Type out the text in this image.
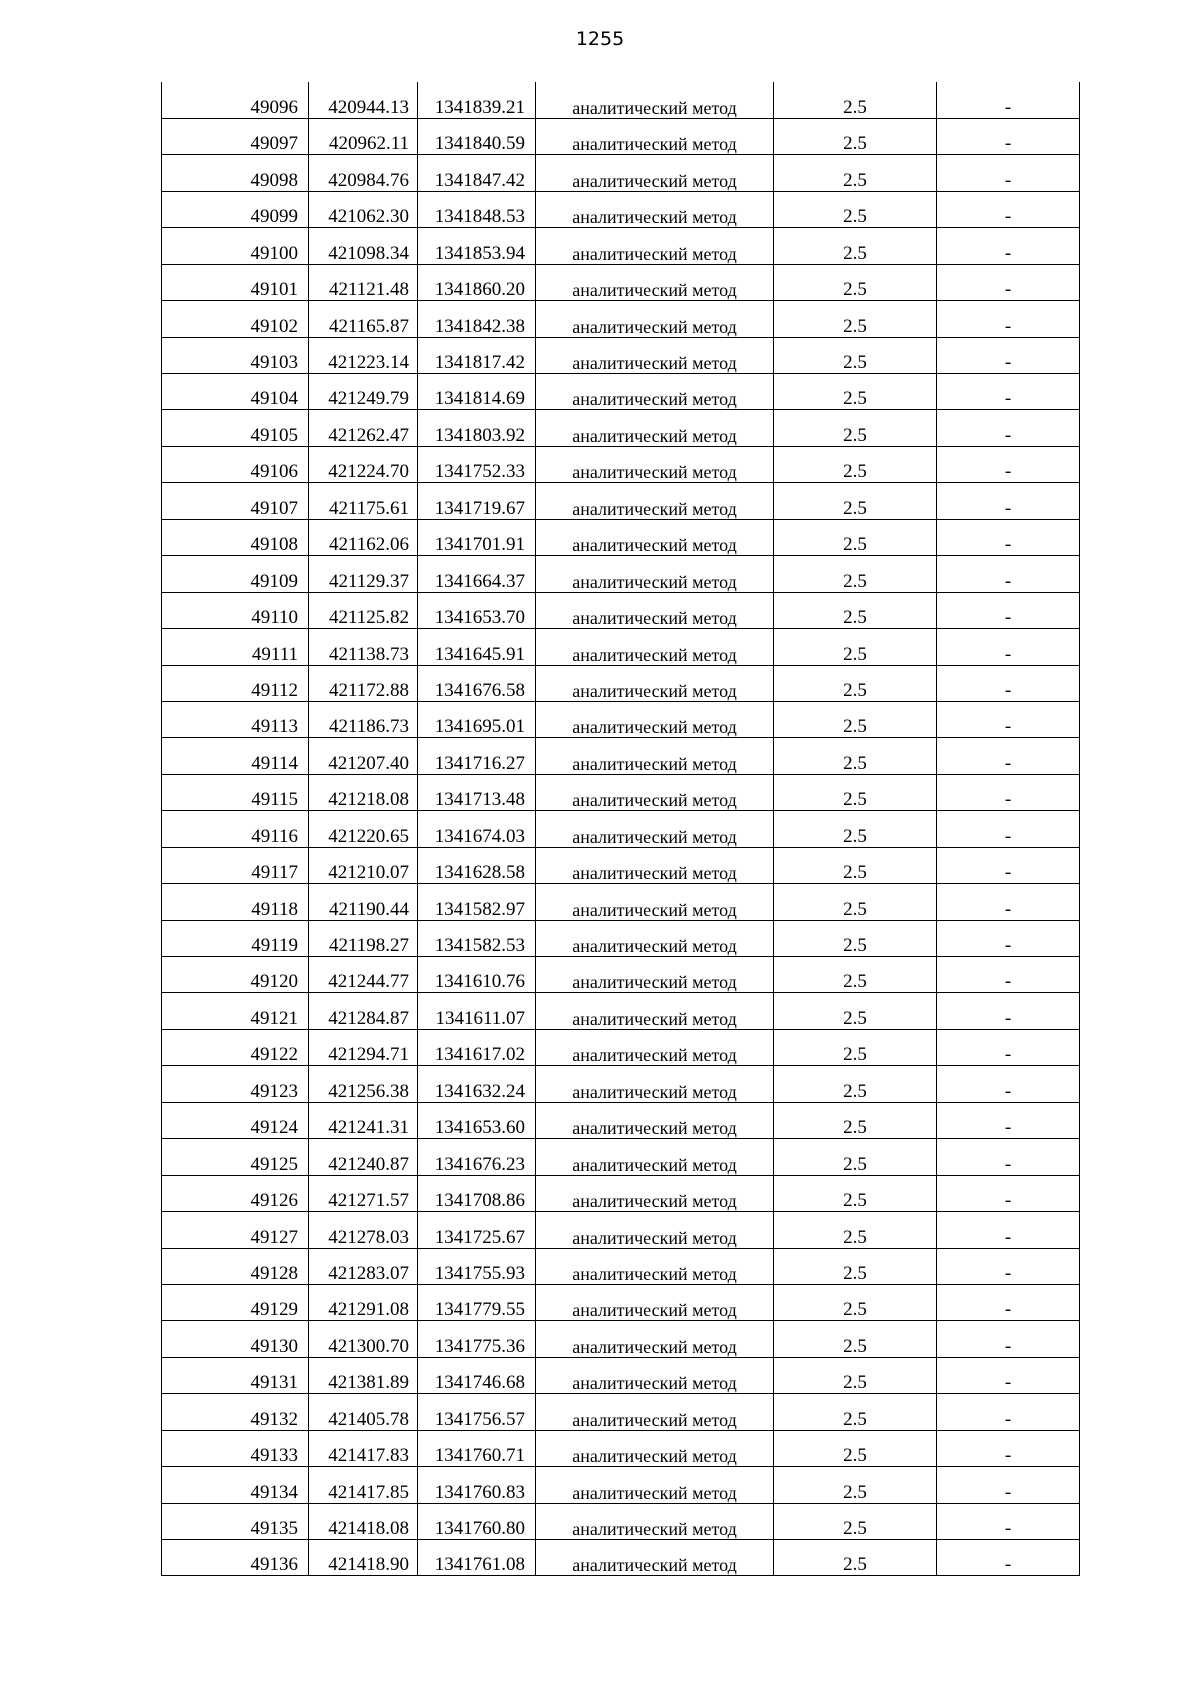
1255
49096	420944.13	1341839.21	аналитический метод	2.5	-
49097	420962.11	1341840.59	аналитический метод	2.5	-
49098	420984.76	1341847.42	аналитический метод	2.5	-
49099	421062.30	1341848.53	аналитический метод	2.5	-
49100	421098.34	1341853.94	аналитический метод	2.5	-
49101	421121.48	1341860.20	аналитический метод	2.5	-
49102	421165.87	1341842.38	аналитический метод	2.5	-
49103	421223.14	1341817.42	аналитический метод	2.5	-
49104	421249.79	1341814.69	аналитический метод	2.5	-
49105	421262.47	1341803.92	аналитический метод	2.5	-
49106	421224.70	1341752.33	аналитический метод	2.5	-
49107	421175.61	1341719.67	аналитический метод	2.5	-
49108	421162.06	1341701.91	аналитический метод	2.5	-
49109	421129.37	1341664.37	аналитический метод	2.5	-
49110	421125.82	1341653.70	аналитический метод	2.5	-
49111	421138.73	1341645.91	аналитический метод	2.5	-
49112	421172.88	1341676.58	аналитический метод	2.5	-
49113	421186.73	1341695.01	аналитический метод	2.5	-
49114	421207.40	1341716.27	аналитический метод	2.5	-
49115	421218.08	1341713.48	аналитический метод	2.5	-
49116	421220.65	1341674.03	аналитический метод	2.5	-
49117	421210.07	1341628.58	аналитический метод	2.5	-
49118	421190.44	1341582.97	аналитический метод	2.5	-
49119	421198.27	1341582.53	аналитический метод	2.5	-
49120	421244.77	1341610.76	аналитический метод	2.5	-
49121	421284.87	1341611.07	аналитический метод	2.5	-
49122	421294.71	1341617.02	аналитический метод	2.5	-
49123	421256.38	1341632.24	аналитический метод	2.5	-
49124	421241.31	1341653.60	аналитический метод	2.5	-
49125	421240.87	1341676.23	аналитический метод	2.5	-
49126	421271.57	1341708.86	аналитический метод	2.5	-
49127	421278.03	1341725.67	аналитический метод	2.5	-
49128	421283.07	1341755.93	аналитический метод	2.5	-
49129	421291.08	1341779.55	аналитический метод	2.5	-
49130	421300.70	1341775.36	аналитический метод	2.5	-
49131	421381.89	1341746.68	аналитический метод	2.5	-
49132	421405.78	1341756.57	аналитический метод	2.5	-
49133	421417.83	1341760.71	аналитический метод	2.5	-
49134	421417.85	1341760.83	аналитический метод	2.5	-
49135	421418.08	1341760.80	аналитический метод	2.5	-
49136	421418.90	1341761.08	аналитический метод	2.5	-
